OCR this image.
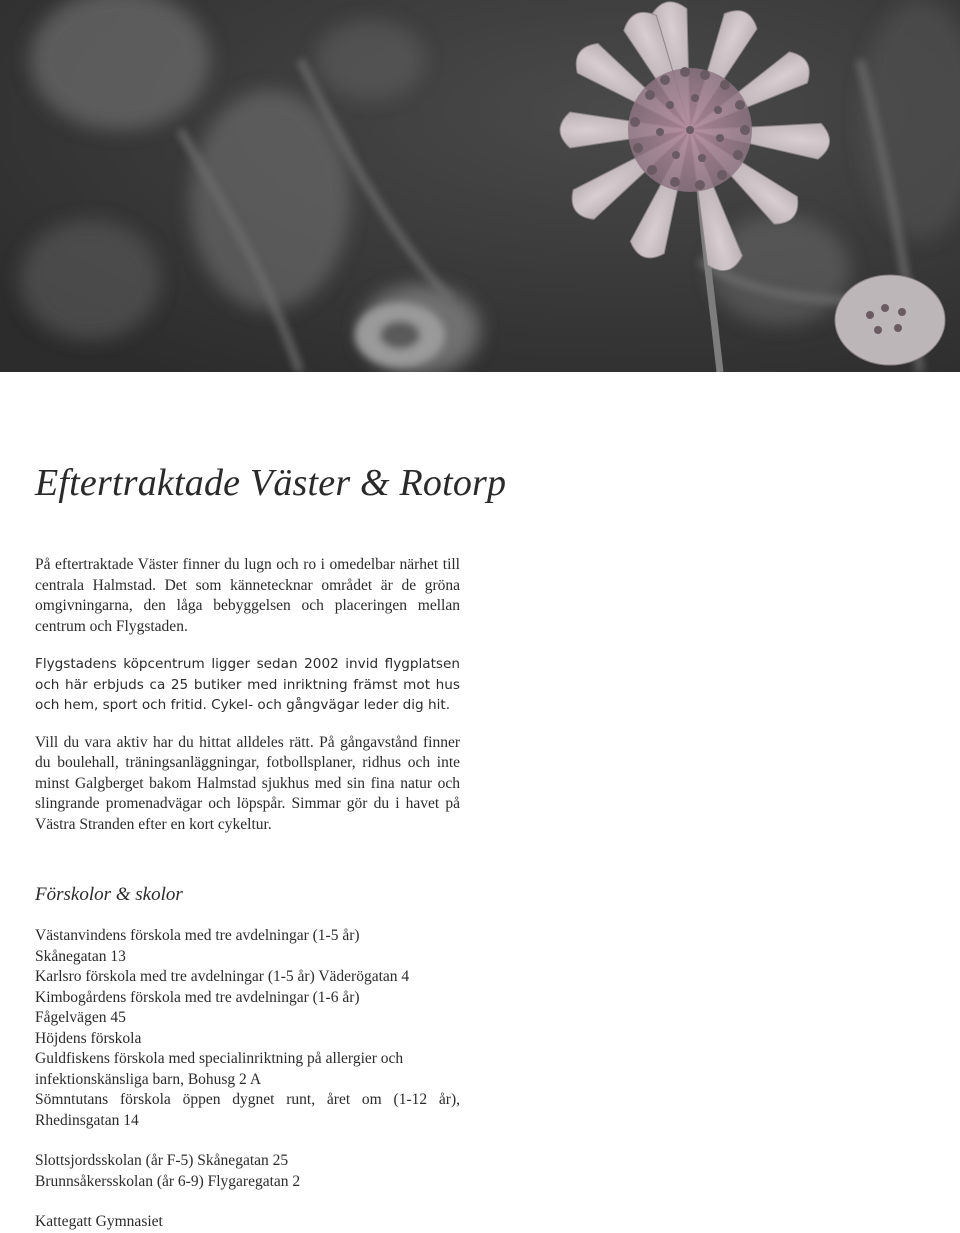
Eftertraktade Väster & Rotorp

På eftertraktade Väster finner du lugn och ro i omedelbar närhet till centrala Halmstad. Det som kännetecknar området är de gröna omgivningarna, den låga bebyggelsen och placeringen mellan centrum och Flygstaden.

Flygstadens köpcentrum ligger sedan 2002 invid flygplatsen och här erbjuds ca 25 butiker med inriktning främst mot hus och hem, sport och fritid. Cykel- och gångvägar leder dig hit.

Vill du vara aktiv har du hittat alldeles rätt. På gångavstånd finner du boulehall, träningsanläggningar, fotbollsplaner, ridhus och inte minst Galgberget bakom Halmstad sjukhus med sin fina natur och slingrande promenadvägar och löpspår. Simmar gör du i havet på Västra Stranden efter en kort cykeltur.

Förskolor & skolor
Västanvindens förskola med tre avdelningar (1-5 år)
Skånegatan 13
Karlsro förskola med tre avdelningar (1-5 år) Väderögatan 4
Kimbogårdens förskola med tre avdelningar (1-6 år)
Fågelvägen 45
Höjdens förskola
Guldfiskens förskola med specialinriktning på allergier och
infektionskänsliga barn, Bohusg 2 A
Sömntutans förskola öppen dygnet runt, året om (1-12 år),
Rhedinsgatan 14
Slottsjordsskolan (år F-5) Skånegatan 25
Brunnsåkersskolan (år 6-9) Flygaregatan 2
Kattegatt Gymnasiet
